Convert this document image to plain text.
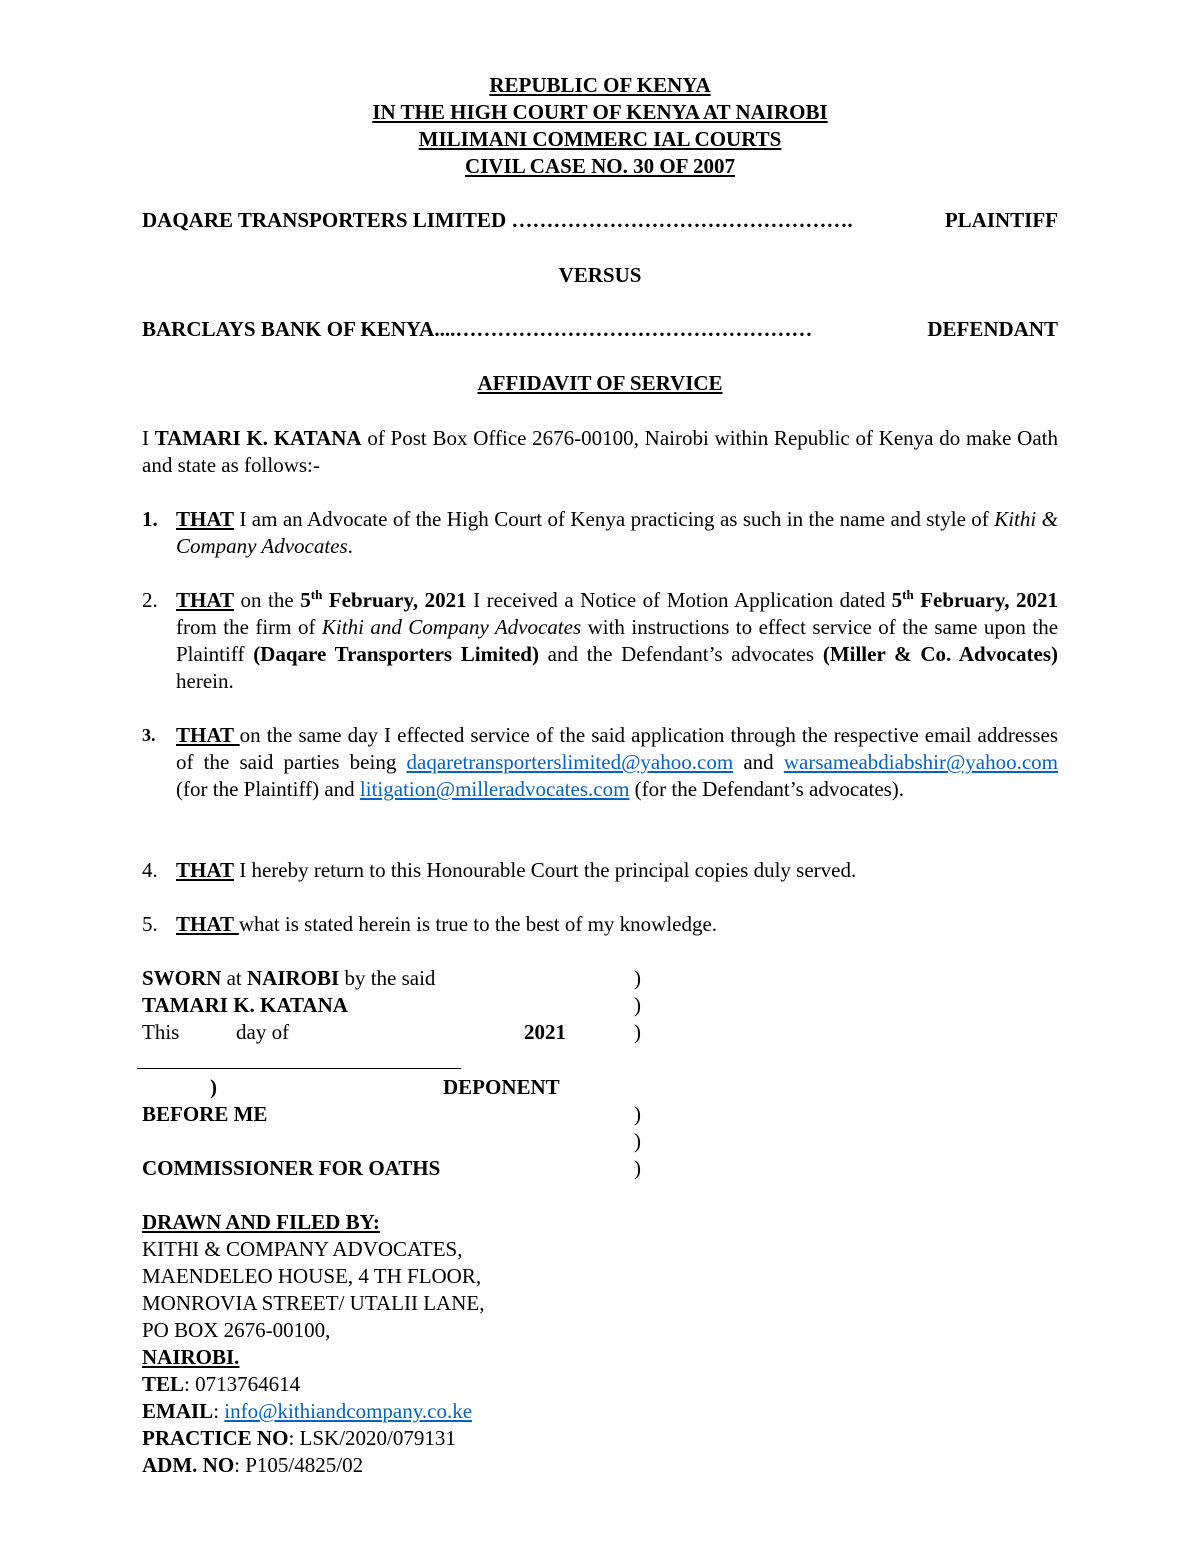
REPUBLIC OF KENYA
IN THE HIGH COURT OF KENYA AT NAIROBI
MILIMANI COMMERC IAL COURTS
CIVIL CASE NO. 30 OF 2007
DAQARE TRANSPORTERS LIMITED ………………………………………….	PLAINTIFF
VERSUS
BARCLAYS BANK OF KENYA....……………………………………………	DEFENDANT
AFFIDAVIT OF SERVICE
I TAMARI K. KATANA of Post Box Office 2676-00100, Nairobi within Republic of Kenya do make Oath and state as follows:-
1. THAT I am an Advocate of the High Court of Kenya practicing as such in the name and style of Kithi & Company Advocates.
2. THAT on the 5th February, 2021 I received a Notice of Motion Application dated 5th February, 2021 from the firm of Kithi and Company Advocates with instructions to effect service of the same upon the Plaintiff (Daqare Transporters Limited) and the Defendant’s advocates (Miller & Co. Advocates) herein.
3. THAT on the same day I effected service of the said application through the respective email addresses of the said parties being daqaretransporterslimited@yahoo.com and warsameabdiabshir@yahoo.com (for the Plaintiff) and litigation@milleradvocates.com (for the Defendant’s advocates).
4. THAT I hereby return to this Honourable Court the principal copies duly served.
5. THAT what is stated herein is true to the best of my knowledge.
SWORN at NAIROBI by the said	)
TAMARI K. KATANA	)
This	day of	2021	)
)	DEPONENT
BEFORE ME	)
)
COMMISSIONER FOR OATHS	)
DRAWN AND FILED BY:
KITHI & COMPANY ADVOCATES,
MAENDELEO HOUSE, 4 TH FLOOR,
MONROVIA STREET/ UTALII LANE,
PO BOX 2676-00100,
NAIROBI.
TEL: 0713764614
EMAIL: info@kithiandcompany.co.ke
PRACTICE NO: LSK/2020/079131
ADM. NO: P105/4825/02
